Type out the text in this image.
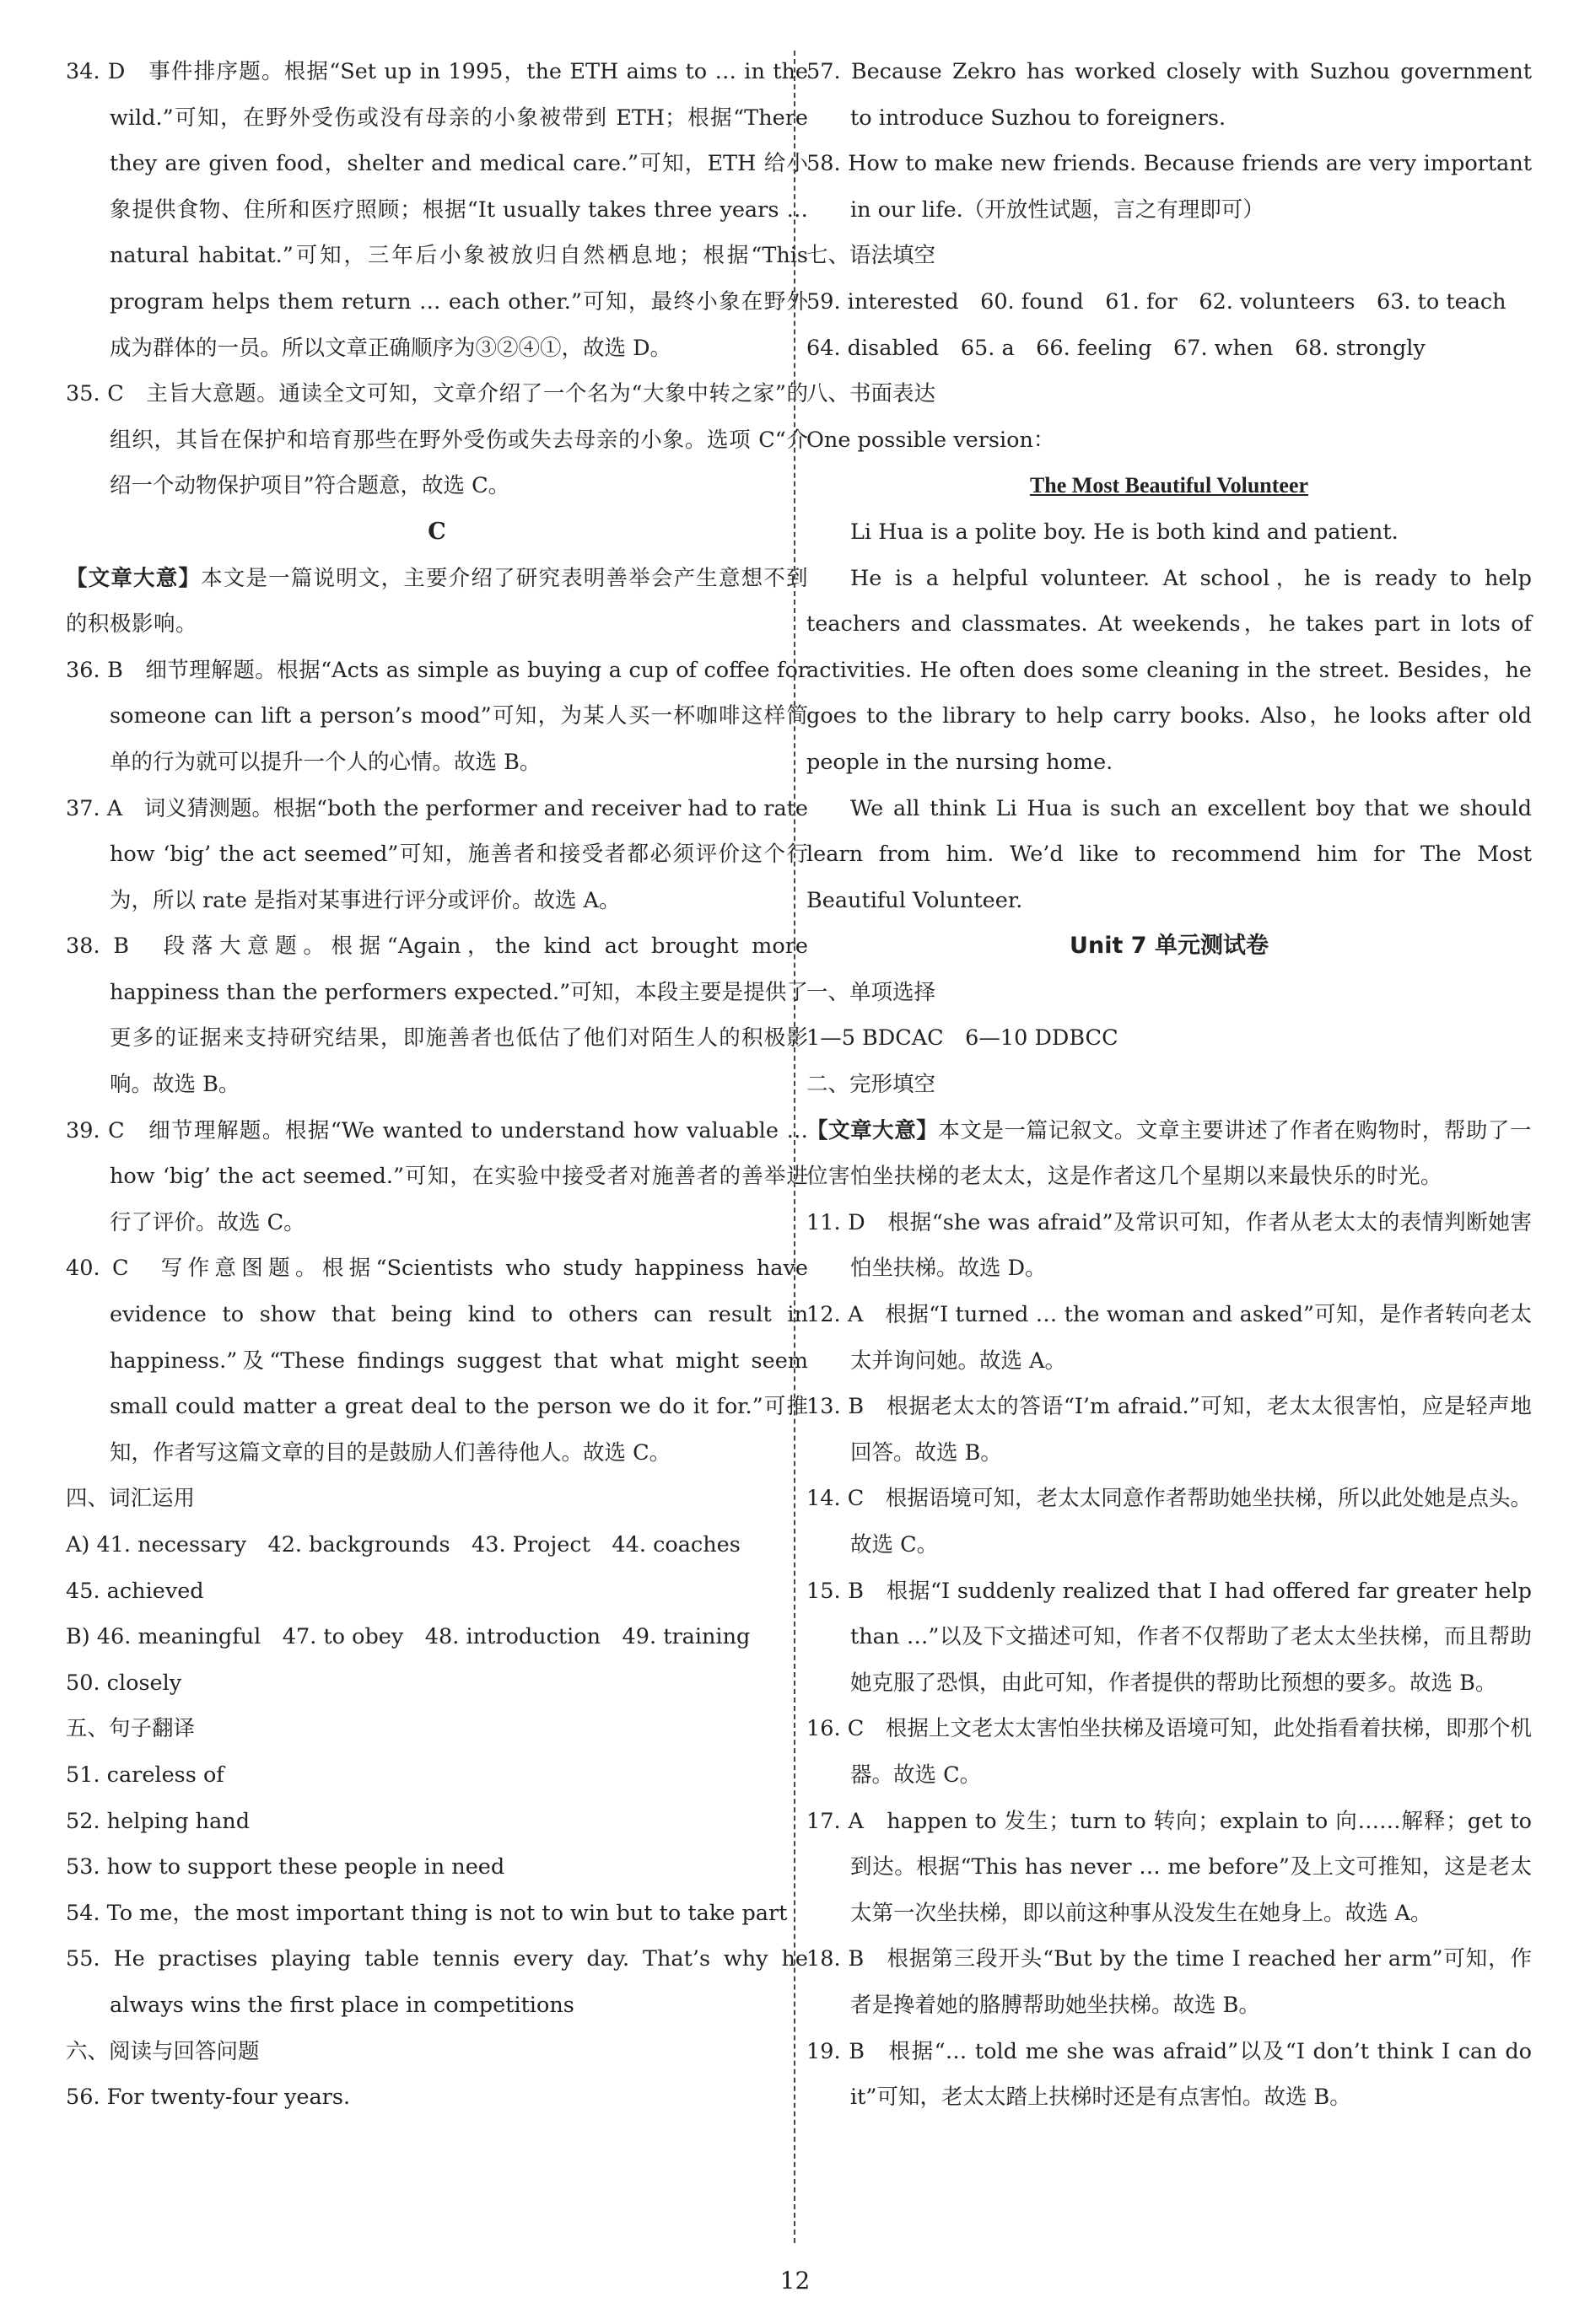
34. D　事件排序题。根据“Set up in 1995，the ETH aims to … in the wild.”可知，在野外受伤或没有母亲的小象被带到 ETH；根据“There they are given food，shelter and medical care.”可知，ETH 给小象提供食物、住所和医疗照顾；根据“It usually takes three years … natural habitat.”可知，三年后小象被放归自然栖息地；根据“This program helps them return … each other.”可知，最终小象在野外成为群体的一员。所以文章正确顺序为③②④①，故选 D。

35. C　主旨大意题。通读全文可知，文章介绍了一个名为“大象中转之家”的组织，其旨在保护和培育那些在野外受伤或失去母亲的小象。选项 C“介绍一个动物保护项目”符合题意，故选 C。

C

【文章大意】本文是一篇说明文，主要介绍了研究表明善举会产生意想不到的积极影响。

36. B　细节理解题。根据“Acts as simple as buying a cup of coffee for someone can lift a person’s mood”可知，为某人买一杯咖啡这样简单的行为就可以提升一个人的心情。故选 B。

37. A　词义猜测题。根据“both the performer and receiver had to rate how ‘big’ the act seemed”可知，施善者和接受者都必须评价这个行为，所以 rate 是指对某事进行评分或评价。故选 A。

38. B　段落大意题。根据“Again，the kind act brought more happiness than the performers expected.”可知，本段主要是提供了更多的证据来支持研究结果，即施善者也低估了他们对陌生人的积极影响。故选 B。

39. C　细节理解题。根据“We wanted to understand how valuable … how ‘big’ the act seemed.”可知，在实验中接受者对施善者的善举进行了评价。故选 C。

40. C　写作意图题。根据“Scientists who study happiness have evidence to show that being kind to others can result in happiness.”及“These findings suggest that what might seem small could matter a great deal to the person we do it for.”可推知，作者写这篇文章的目的是鼓励人们善待他人。故选 C。

四、词汇运用

A) 41. necessary　42. backgrounds　43. Project　44. coaches

45. achieved

B) 46. meaningful　47. to obey　48. introduction　49. training

50. closely

五、句子翻译

51. careless of

52. helping hand

53. how to support these people in need

54. To me，the most important thing is not to win but to take part

55. He practises playing table tennis every day. That’s why he always wins the first place in competitions

六、阅读与回答问题

56. For twenty-four years.

57. Because Zekro has worked closely with Suzhou government to introduce Suzhou to foreigners.

58. How to make new friends. Because friends are very important in our life.（开放性试题，言之有理即可）

七、语法填空

59. interested　60. found　61. for　62. volunteers　63. to teach

64. disabled　65. a　66. feeling　67. when　68. strongly

八、书面表达

One possible version：

The Most Beautiful Volunteer

Li Hua is a polite boy. He is both kind and patient.

He is a helpful volunteer. At school，he is ready to help teachers and classmates. At weekends，he takes part in lots of activities. He often does some cleaning in the street. Besides，he goes to the library to help carry books. Also，he looks after old people in the nursing home.

We all think Li Hua is such an excellent boy that we should learn from him. We’d like to recommend him for The Most Beautiful Volunteer.

Unit 7 单元测试卷

一、单项选择

1—5 BDCAC　6—10 DDBCC

二、完形填空

【文章大意】本文是一篇记叙文。文章主要讲述了作者在购物时，帮助了一位害怕坐扶梯的老太太，这是作者这几个星期以来最快乐的时光。

11. D　根据“she was afraid”及常识可知，作者从老太太的表情判断她害怕坐扶梯。故选 D。

12. A　根据“I turned … the woman and asked”可知，是作者转向老太太并询问她。故选 A。

13. B　根据老太太的答语“I’m afraid.”可知，老太太很害怕，应是轻声地回答。故选 B。

14. C　根据语境可知，老太太同意作者帮助她坐扶梯，所以此处她是点头。故选 C。

15. B　根据“I suddenly realized that I had offered far greater help than …”以及下文描述可知，作者不仅帮助了老太太坐扶梯，而且帮助她克服了恐惧，由此可知，作者提供的帮助比预想的要多。故选 B。

16. C　根据上文老太太害怕坐扶梯及语境可知，此处指看着扶梯，即那个机器。故选 C。

17. A　happen to 发生；turn to 转向；explain to 向……解释；get to 到达。根据“This has never … me before”及上文可推知，这是老太太第一次坐扶梯，即以前这种事从没发生在她身上。故选 A。

18. B　根据第三段开头“But by the time I reached her arm”可知，作者是搀着她的胳膊帮助她坐扶梯。故选 B。

19. B　根据“… told me she was afraid”以及“I don’t think I can do it”可知，老太太踏上扶梯时还是有点害怕。故选 B。

12
